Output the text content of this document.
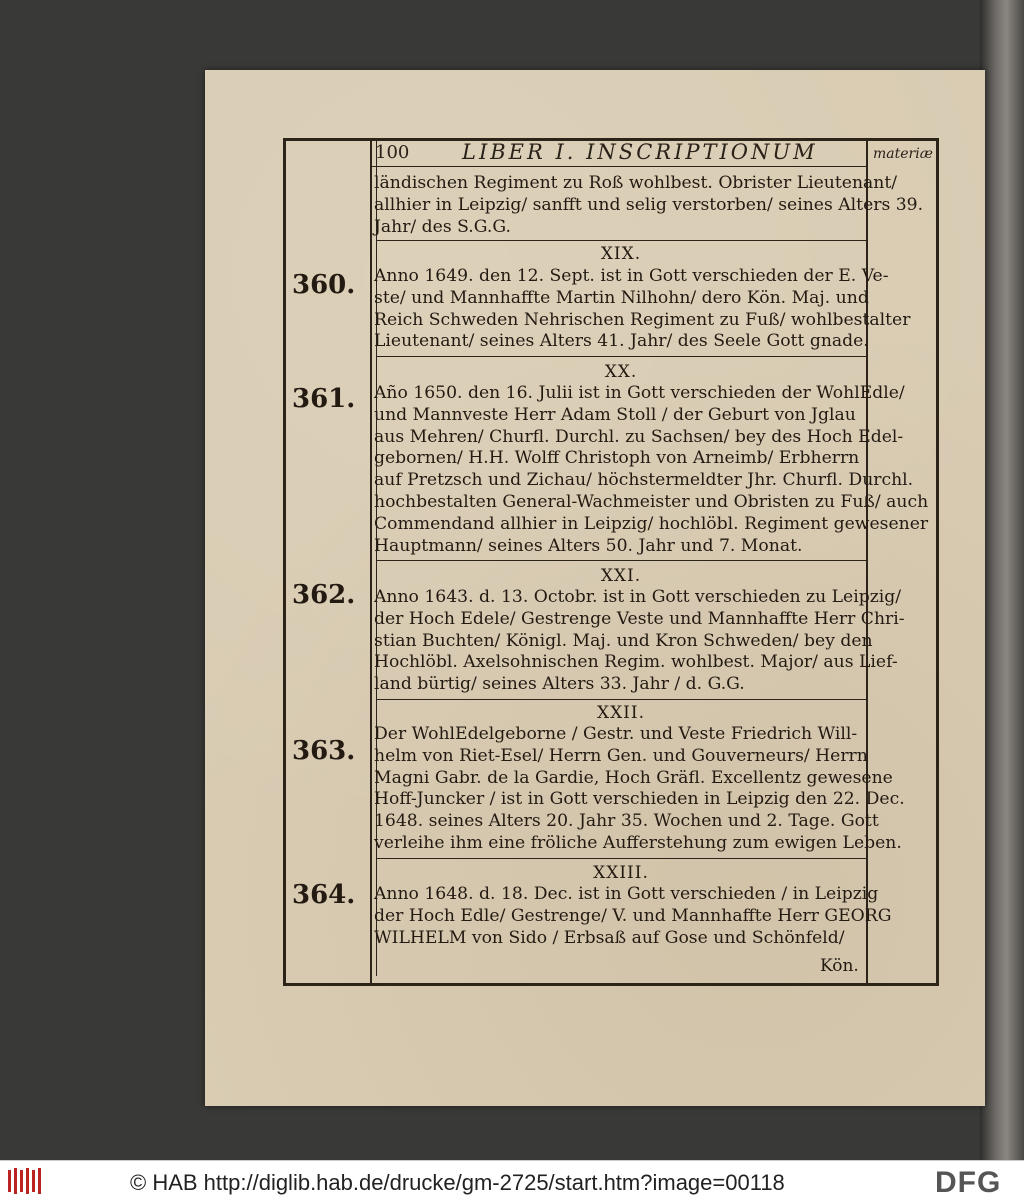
100	LIBER I. INSCRIPTIONUM	materiæ
ländischen Regiment zu Roß wohlbest. Obrister Lieutenant/
allhier in Leipzig/ sanfft und selig verstorben/ seines Alters 39.
Jahr/ des S.G.G.
XIX.
360. Anno 1649. den 12. Sept. ist in Gott verschieden der E. Ve-
ste/ und Mannhaffte Martin Nilhohn/ dero Kön. Maj. und
Reich Schweden Nehrischen Regiment zu Fuß/ wohlbestalter
Lieutenant/ seines Alters 41. Jahr/ des Seele Gott gnade.
XX.
361. Año 1650. den 16. Julii ist in Gott verschieden der WohlEdle/
und Mannveste Herr Adam Stoll / der Geburt von Jglau
aus Mehren/ Churfl. Durchl. zu Sachsen/ bey des Hoch Edel-
gebornen/ H.H. Wolff Christoph von Arneimb/ Erbherrn
auf Pretzsch und Zichau/ höchstermeldter Jhr. Churfl. Durchl.
hochbestalten General-Wachmeister und Obristen zu Fuß/ auch
Commendand allhier in Leipzig/ hochlöbl. Regiment gewesener
Hauptmann/ seines Alters 50. Jahr und 7. Monat.
XXI.
362. Anno 1643. d. 13. Octobr. ist in Gott verschieden zu Leipzig/
der Hoch Edele/ Gestrenge Veste und Mannhaffte Herr Chri-
stian Buchten/ Königl. Maj. und Kron Schweden/ bey den
Hochlöbl. Axelsohnischen Regim. wohlbest. Major/ aus Lief-
land bürtig/ seines Alters 33. Jahr / d. G.G.
XXII.
363.
Der WohlEdelgeborne / Gestr. und Veste Friedrich Will-
helm von Riet-Esel/ Herrn Gen. und Gouverneurs/ Herrn
Magni Gabr. de la Gardie, Hoch Gräfl. Excellentz gewesene
Hoff-Juncker / ist in Gott verschieden in Leipzig den 22. Dec.
1648. seines Alters 20. Jahr 35. Wochen und 2. Tage. Gott
verleihe ihm eine fröliche Aufferstehung zum ewigen Leben.
XXIII.
364. Anno 1648. d. 18. Dec. ist in Gott verschieden / in Leipzig
der Hoch Edle/ Gestrenge/ V. und Mannhaffte Herr GEORG
WILHELM von Sido / Erbsaß auf Gose und Schönfeld/
Kön.
© HAB http://diglib.hab.de/drucke/gm-2725/start.htm?image=00118	DFG
